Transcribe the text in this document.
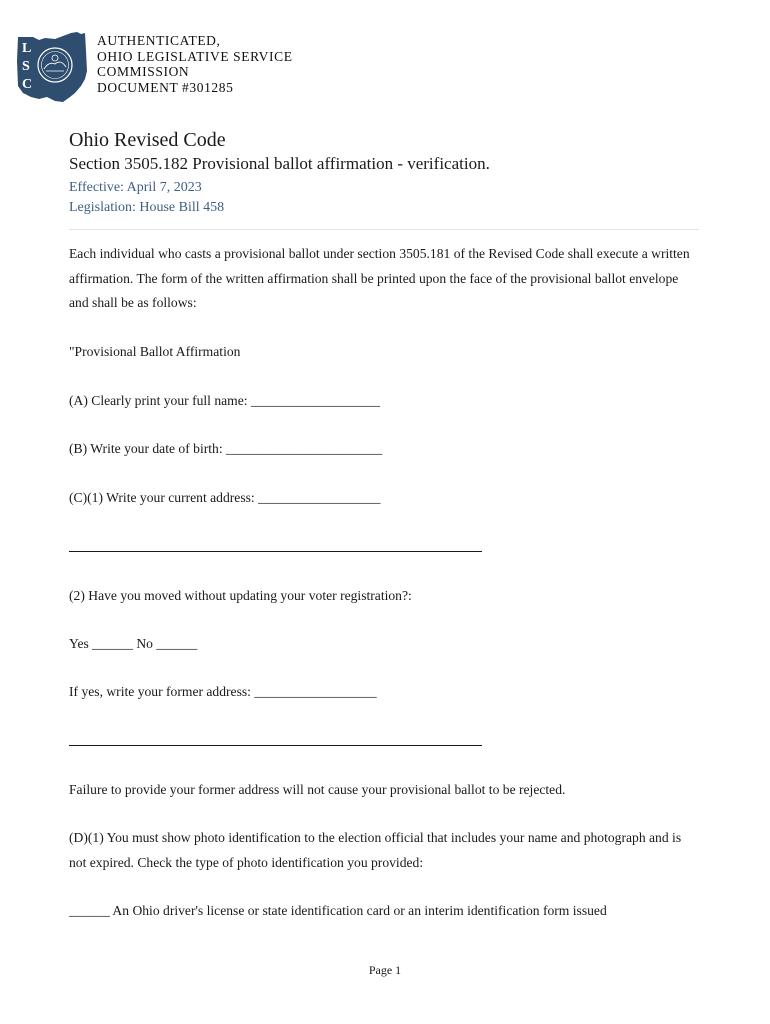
L
S
C
AUTHENTICATED,
OHIO LEGISLATIVE SERVICE
COMMISSION
DOCUMENT #301285
Ohio Revised Code
Section 3505.182 Provisional ballot affirmation - verification.
Effective: April 7, 2023
Legislation: House Bill 458
Each individual who casts a provisional ballot under section 3505.181 of the Revised Code shall execute a written affirmation. The form of the written affirmation shall be printed upon the face of the provisional ballot envelope and shall be as follows:
"Provisional Ballot Affirmation
(A) Clearly print your full name: ___________________
(B) Write your date of birth: _______________________
(C)(1) Write your current address: __________________
(2) Have you moved without updating your voter registration?:
Yes ______ No ______
If yes, write your former address: __________________
Failure to provide your former address will not cause your provisional ballot to be rejected.
(D)(1) You must show photo identification to the election official that includes your name and photograph and is not expired. Check the type of photo identification you provided:
______ An Ohio driver's license or state identification card or an interim identification form issued
Page 1
